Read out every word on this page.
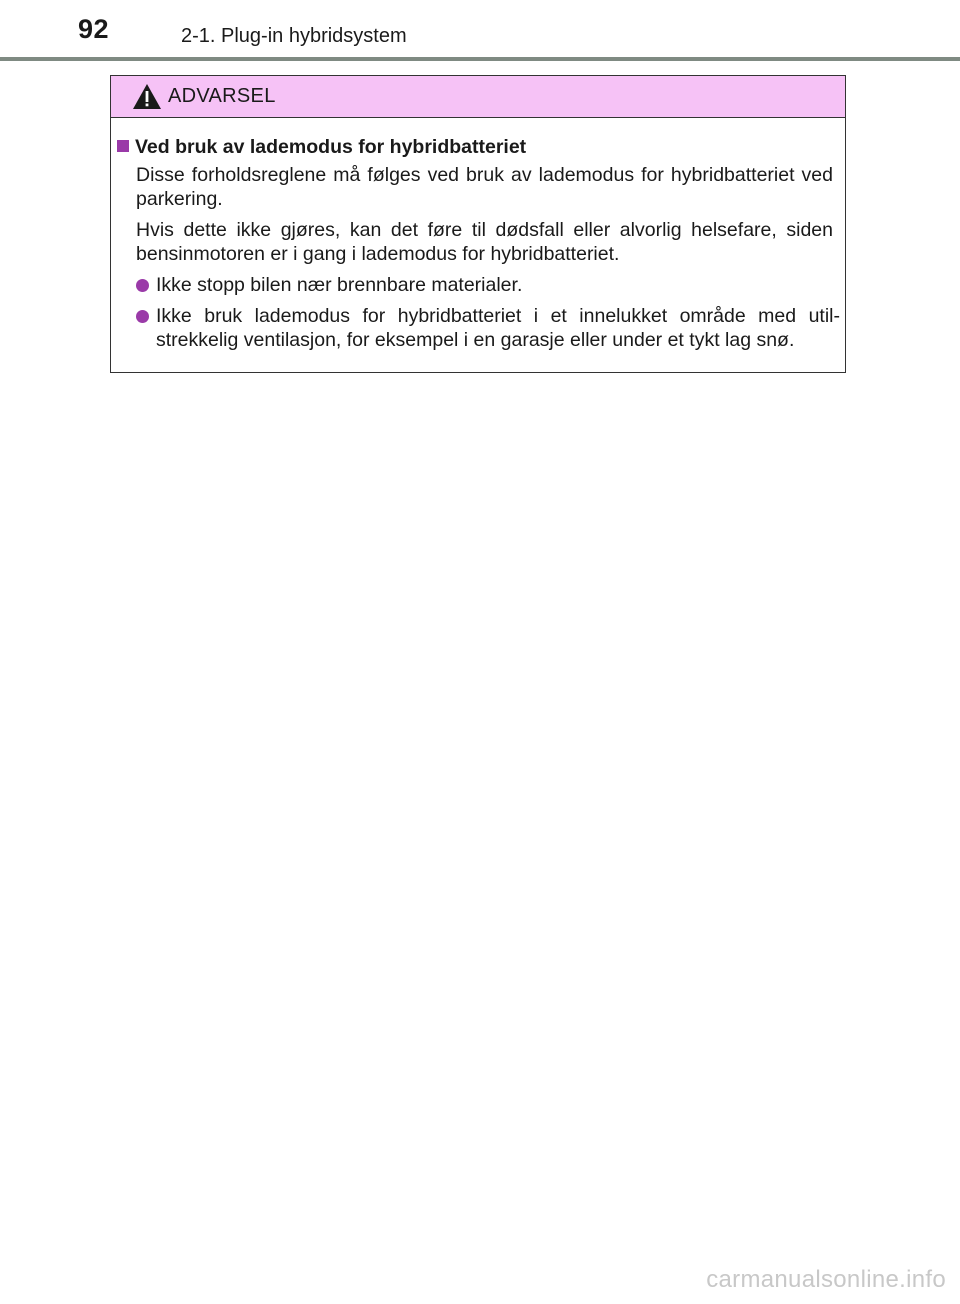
92	2-1. Plug-in hybridsystem
ADVARSEL
Ved bruk av lademodus for hybridbatteriet
Disse forholdsreglene må følges ved bruk av lademodus for hybridbatteriet ved parkering.
Hvis dette ikke gjøres, kan det føre til dødsfall eller alvorlig helsefare, siden bensinmotoren er i gang i lademodus for hybridbatteriet.
Ikke stopp bilen nær brennbare materialer.
Ikke bruk lademodus for hybridbatteriet i et innelukket område med utilstrekkelig ventilasjon, for eksempel i en garasje eller under et tykt lag snø.
carmanualsonline.info
